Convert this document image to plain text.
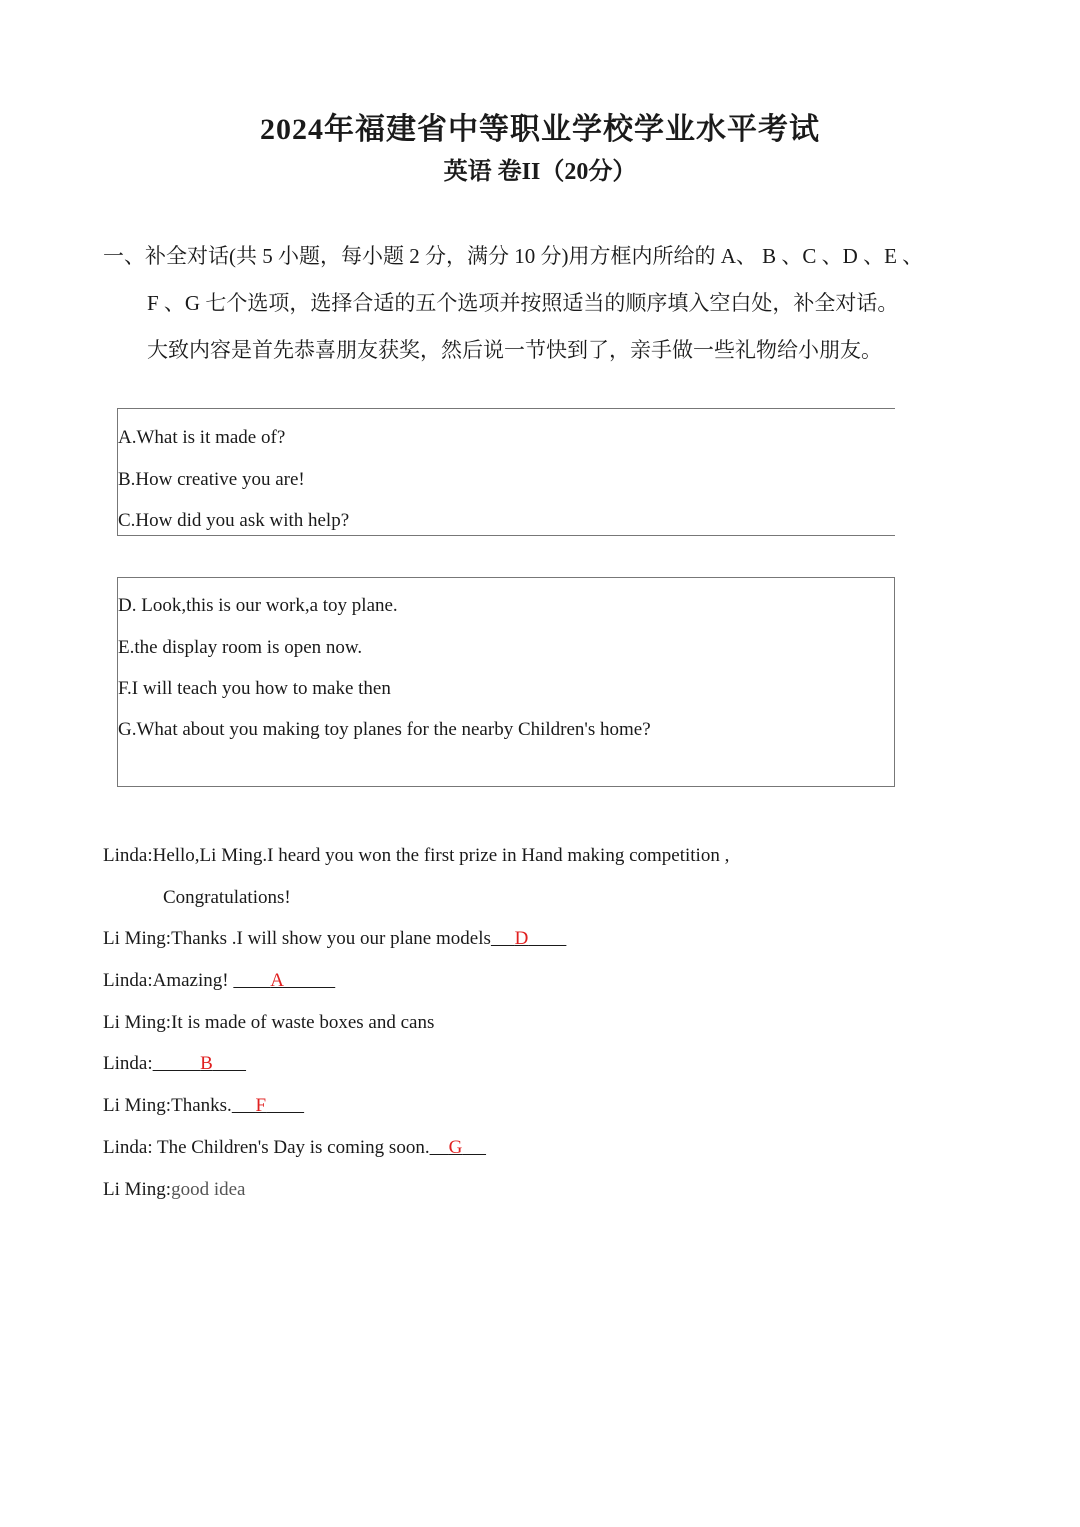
2024年福建省中等职业学校学业水平考试
英语 卷II（20分）
一、补全对话(共 5 小题，每小题 2 分，满分 10 分)用方框内所给的 A、 B 、C 、D 、E 、
F 、G 七个选项，选择合适的五个选项并按照适当的顺序填入空白处，补全对话。
大致内容是首先恭喜朋友获奖，然后说一节快到了，亲手做一些礼物给小朋友。
A.What is it made of?
B.How creative you are!
C.How did you ask with help?
D. Look,this is our work,a toy plane.
E.the display room is open now.
F.I will teach you how to make then
G.What about you making toy planes for the nearby Children's home?
Linda:Hello,Li Ming.I heard you won the first prize in Hand making competition ,
Congratulations!
Li Ming:Thanks .I will show you our plane models D
Linda:Amazing!         A
Li Ming:It is made of waste boxes and cans
Linda:	B
Li Ming:Thanks. F
Linda: The Children's Day is coming soon. G
Li Ming:good idea
